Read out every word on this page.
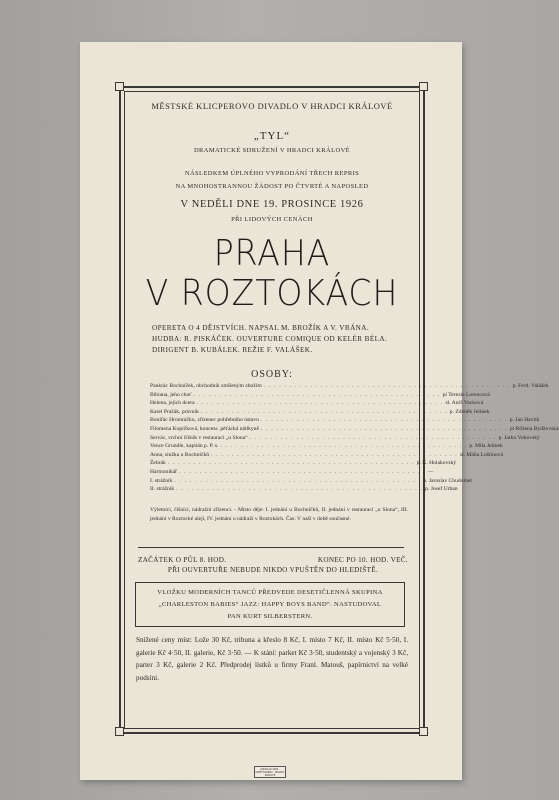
MĚSTSKÉ KLICPEROVO DIVADLO V HRADCI KRÁLOVÉ
„TYL“
DRAMATICKÉ SDRUŽENÍ V HRADCI KRÁLOVÉ
NÁSLEDKEM ÚPLNÉHO VYPRODÁNÍ TŘECH REPRIS
NA MNOHOSTRANNOU ŽÁDOST PO ČTVRTÉ A NAPOSLED
V NEDĚLI DNE 19. PROSINCE 1926
PŘI LIDOVÝCH CENÁCH
PRAHA
V ROZTOKÁCH
OPERETA O 4 DĚJSTVÍCH. NAPSAL M. BROŽÍK A V. VRÁNA.
HUDBA: R. PISKÁČEK. OUVERTURE COMIQUE OD KELÉR BÉLA.
DIRIGENT B. KUBÁLEK. REŽIE F. VALÁŠEK.
OSOBY:
Pankrác Bochníček, obchodník smíšeným zbožím . . . . . . . . . . . . . . . . . . . . . . . . . . . . . . . . . . . . . . . . . . . . . . . . p. Ferd. Valášek
Bibiana, jeho choť . . . . . . . . . . . . . . . . . . . . . . . . . . . . . . . . . . . . . . . . . . . . . . . . pí Terezie Lorencová
Helena, jejich dcera . . . . . . . . . . . . . . . . . . . . . . . . . . . . . . . . . . . . . . . . . . . . . . . . sl. Anči Vacková
Karel Pražák, právník . . . . . . . . . . . . . . . . . . . . . . . . . . . . . . . . . . . . . . . . . . . . . . . . p. Zdeněk Jelínek
Bonifác Hromníčko, zřízenec pohřebního ústavu . . . . . . . . . . . . . . . . . . . . . . . . . . . . . . . . . . . . . . . . . . . . . . . . p. Jan Havlík
Filomena Kopíčková, koncess. pěťácká nátlkyně . . . . . . . . . . . . . . . . . . . . . . . . . . . . . . . . . . . . . . . . . . . . . . . . pí Růžena Bydžovská
Servác, vrchní číšník v restauraci „u Slona“ . . . . . . . . . . . . . . . . . . . . . . . . . . . . . . . . . . . . . . . . . . . . . . . . p. Jarko Vokovský
Vence Grundle, kapitán p. P. s. . . . . . . . . . . . . . . . . . . . . . . . . . . . . . . . . . . . . . . . . . . . . . . . . p. Míla Jelínek
Anna, služka u Bochníčků . . . . . . . . . . . . . . . . . . . . . . . . . . . . . . . . . . . . . . . . . . . . . . . . sl. Máňa Luštinová
Žebrák . . . . . . . . . . . . . . . . . . . . . . . . . . . . . . . . . . . . . . . . . . . . . . . . p. K. Holakovský
Harmonikář . . . . . . . . . . . . . . . . . . . . . . . . . . . . . . . . . . . . . . . . . . . . . . . . —
I. strážník . . . . . . . . . . . . . . . . . . . . . . . . . . . . . . . . . . . . . . . . . . . . . . . . p. Jaroslav Chudomel
II. strážník . . . . . . . . . . . . . . . . . . . . . . . . . . . . . . . . . . . . . . . . . . . . . . . . p. Josef Urban
Výletníci, číšníci, nádražní zřízenci. - Místo děje: I. jednání u Bochníčků, II. jednání v restauraci „u Slona“, III. jednání v Roztocké aleji, IV. jednání u nádraží v Roztokách. Čas: V naší v době současné.
ZAČÁTEK O PŮL 8. HOD.	KONEC PO 10. HOD. VEČ.
PŘI OUVERTUŘE NEBUDE NIKDO VPUŠTĚN DO HLEDIŠTĚ.
VLOŽKU MODERNÍCH TANCŮ PŘEDVEDE DESETIČLENNÁ SKUPINA
„CHARLESTON BABIES“ JAZZ: HAPPY BOYS BAND“. NASTUDOVAL
PAN KURT SILBERSTERN.
Snížené ceny míst: Lože 30 Kč, tribuna a křeslo 8 Kč, I. místo 7 Kč, II. místo Kč 5·50, I. galerie Kč 4·50, II. galerie, Kč 3·50. — K stání: parket Kč 3·50, studentský a vojenský 3 Kč, parter 3 Kč, galerie 2 Kč. Předprodej lístků u firmy Franl. Matouš, papírnictví na velké podsíni.
JAROSLAV GRIS · KNIHTISKÁRNA · HRADEC KRÁLOVÉ
